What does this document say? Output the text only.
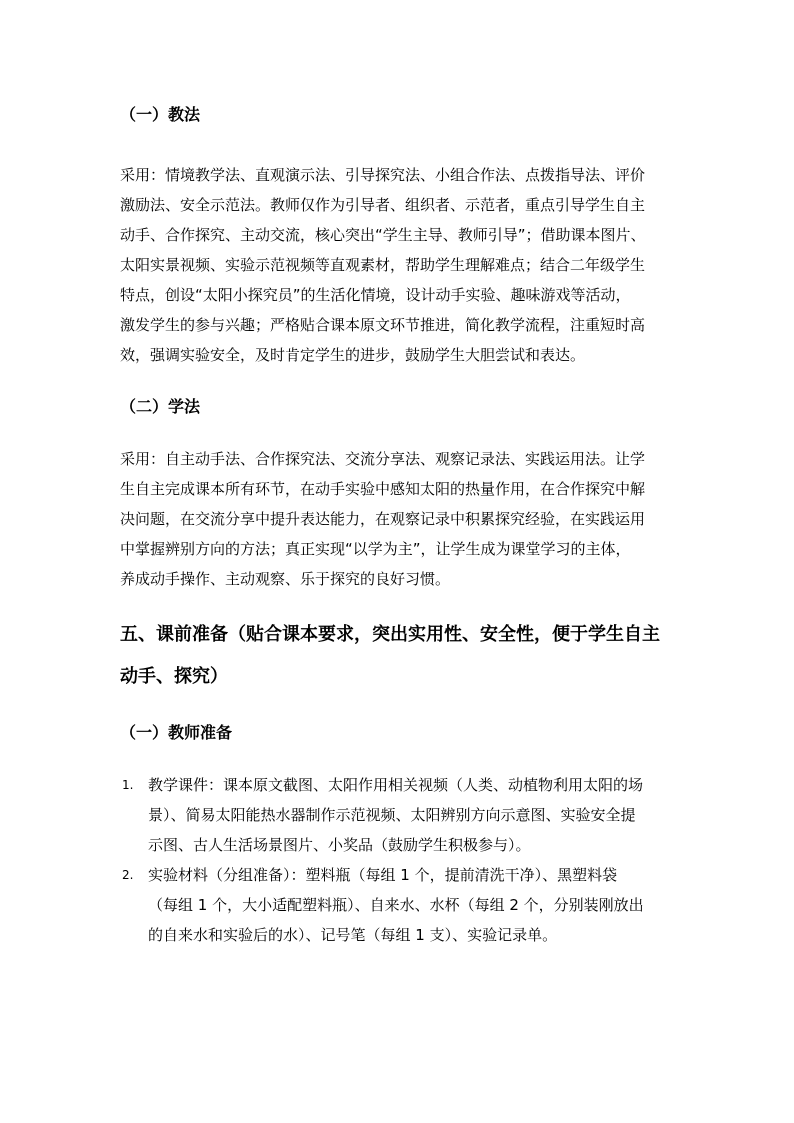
（一）教法

采用：情境教学法、直观演示法、引导探究法、小组合作法、点拨指导法、评价
激励法、安全示范法。教师仅作为引导者、组织者、示范者，重点引导学生自主
动手、合作探究、主动交流，核心突出“学生主导、教师引导”；借助课本图片、
太阳实景视频、实验示范视频等直观素材，帮助学生理解难点；结合二年级学生
特点，创设“太阳小探究员”的生活化情境，设计动手实验、趣味游戏等活动，
激发学生的参与兴趣；严格贴合课本原文环节推进，简化教学流程，注重短时高
效，强调实验安全，及时肯定学生的进步，鼓励学生大胆尝试和表达。

（二）学法

采用：自主动手法、合作探究法、交流分享法、观察记录法、实践运用法。让学
生自主完成课本所有环节，在动手实验中感知太阳的热量作用，在合作探究中解
决问题，在交流分享中提升表达能力，在观察记录中积累探究经验，在实践运用
中掌握辨别方向的方法；真正实现“以学为主”，让学生成为课堂学习的主体，
养成动手操作、主动观察、乐于探究的良好习惯。

五、课前准备（贴合课本要求，突出实用性、安全性，便于学生自主
动手、探究）
（一）教师准备
1. 教学课件：课本原文截图、太阳作用相关视频（人类、动植物利用太阳的场
景）、简易太阳能热水器制作示范视频、太阳辨别方向示意图、实验安全提
示图、古人生活场景图片、小奖品（鼓励学生积极参与）。
2. 实验材料（分组准备）：塑料瓶（每组 1 个，提前清洗干净）、黑塑料袋
（每组 1 个，大小适配塑料瓶）、自来水、水杯（每组 2 个，分别装刚放出
的自来水和实验后的水）、记号笔（每组 1 支）、实验记录单。
